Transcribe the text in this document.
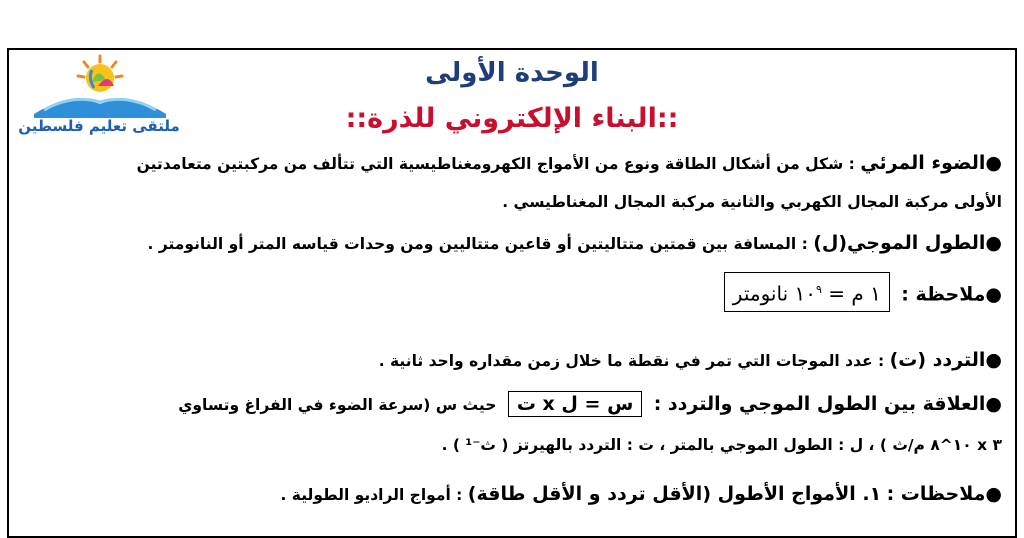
ملتقى تعليم فلسطين
الوحدة الأولى
::البناء الإلكتروني للذرة::
●الضوء المرئي : شكل من أشكال الطاقة ونوع من الأمواج الكهرومغناطيسية التي تتألف من مركبتين متعامدتين
الأولى مركبة المجال الكهربي والثانية مركبة المجال المغناطيسي .
●الطول الموجي(ل) : المسافة بين قمتين متتاليتين أو قاعين متتاليين ومن وحدات قياسه المتر أو النانومتر .
●ملاحظة : ١ م = $١٠^٩$ نانومتر
●التردد (ت) : عدد الموجات التي تمر في نقطة ما خلال زمن مقداره واحد ثانية .
●العلاقة بين الطول الموجي والتردد : س = ل x ت حيث س (سرعة الضوء في الفراغ وتساوي
٣ x ١٠^٨ م/ث ) ، ل : الطول الموجي بالمتر ، ت : التردد بالهيرتز ( ث⁻¹ ) .
●ملاحظات : ١. الأمواج الأطول (الأقل تردد و الأقل طاقة) : أمواج الراديو الطولية .
